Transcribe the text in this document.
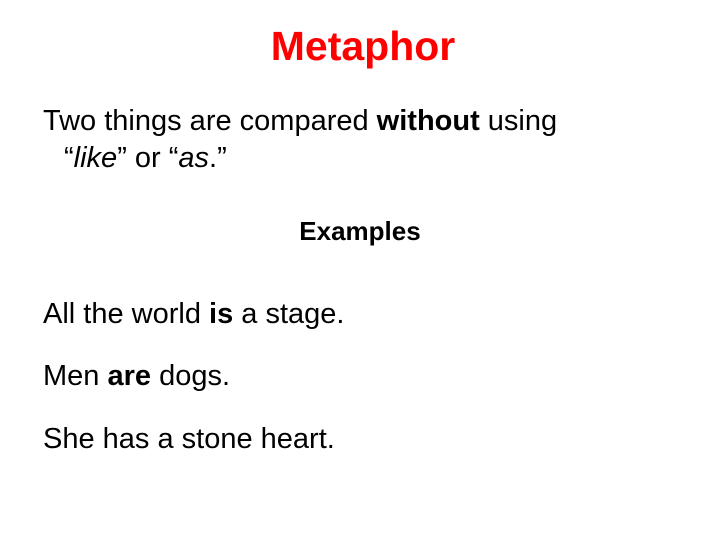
Metaphor
Two things are compared without using
“like” or “as.”
Examples
All the world is a stage.
Men are dogs.
She has a stone heart.
